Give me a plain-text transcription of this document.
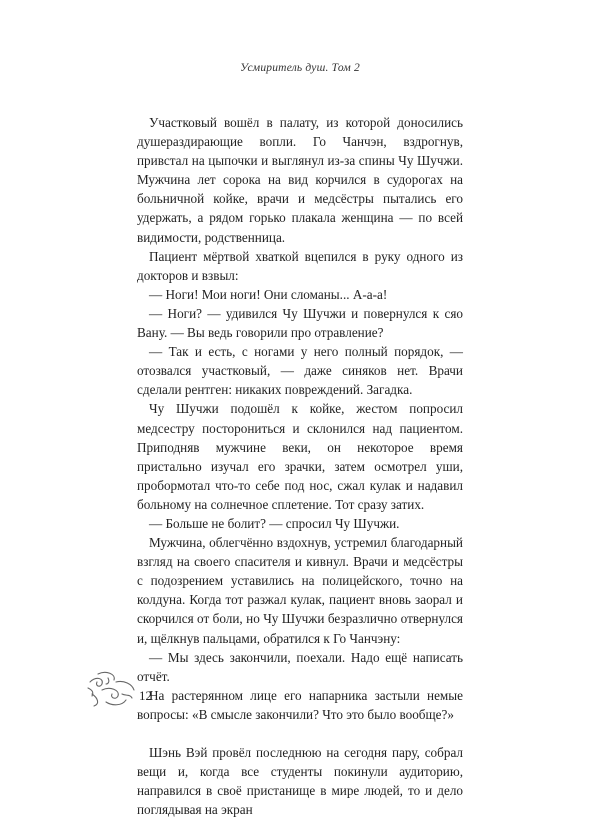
Усмиритель душ. Том 2

Участковый вошёл в палату, из которой доносились душераздирающие вопли. Го Чанчэн, вздрогнув, привстал на цыпочки и выглянул из-за спины Чу Шучжи. Мужчина лет сорока на вид корчился в судорогах на больничной койке, врачи и медсёстры пытались его удержать, а рядом горько плакала женщина — по всей видимости, родственница.

Пациент мёртвой хваткой вцепился в руку одного из докторов и взвыл:

— Ноги! Мои ноги! Они сломаны... А-а-а!

— Ноги? — удивился Чу Шучжи и повернулся к сяо Вану. — Вы ведь говорили про отравление?

— Так и есть, с ногами у него полный порядок, — отозвался участковый, — даже синяков нет. Врачи сделали рентген: никаких повреждений. Загадка.

Чу Шучжи подошёл к койке, жестом попросил медсестру посторониться и склонился над пациентом. Приподняв мужчине веки, он некоторое время пристально изучал его зрачки, затем осмотрел уши, пробормотал что-то себе под нос, сжал кулак и надавил больному на солнечное сплетение. Тот сразу затих.

— Больше не болит? — спросил Чу Шучжи.

Мужчина, облегчённо вздохнув, устремил благодарный взгляд на своего спасителя и кивнул. Врачи и медсёстры с подозрением уставились на полицейского, точно на колдуна. Когда тот разжал кулак, пациент вновь заорал и скорчился от боли, но Чу Шучжи безразлично отвернулся и, щёлкнув пальцами, обратился к Го Чанчэну:

— Мы здесь закончили, поехали. Надо ещё написать отчёт.

На растерянном лице его напарника застыли немые вопросы: «В смысле закончили? Что это было вообще?»

Шэнь Вэй провёл последнюю на сегодня пару, собрал вещи и, когда все студенты покинули аудиторию, направился в своё пристанище в мире людей, то и дело поглядывая на экран

12
